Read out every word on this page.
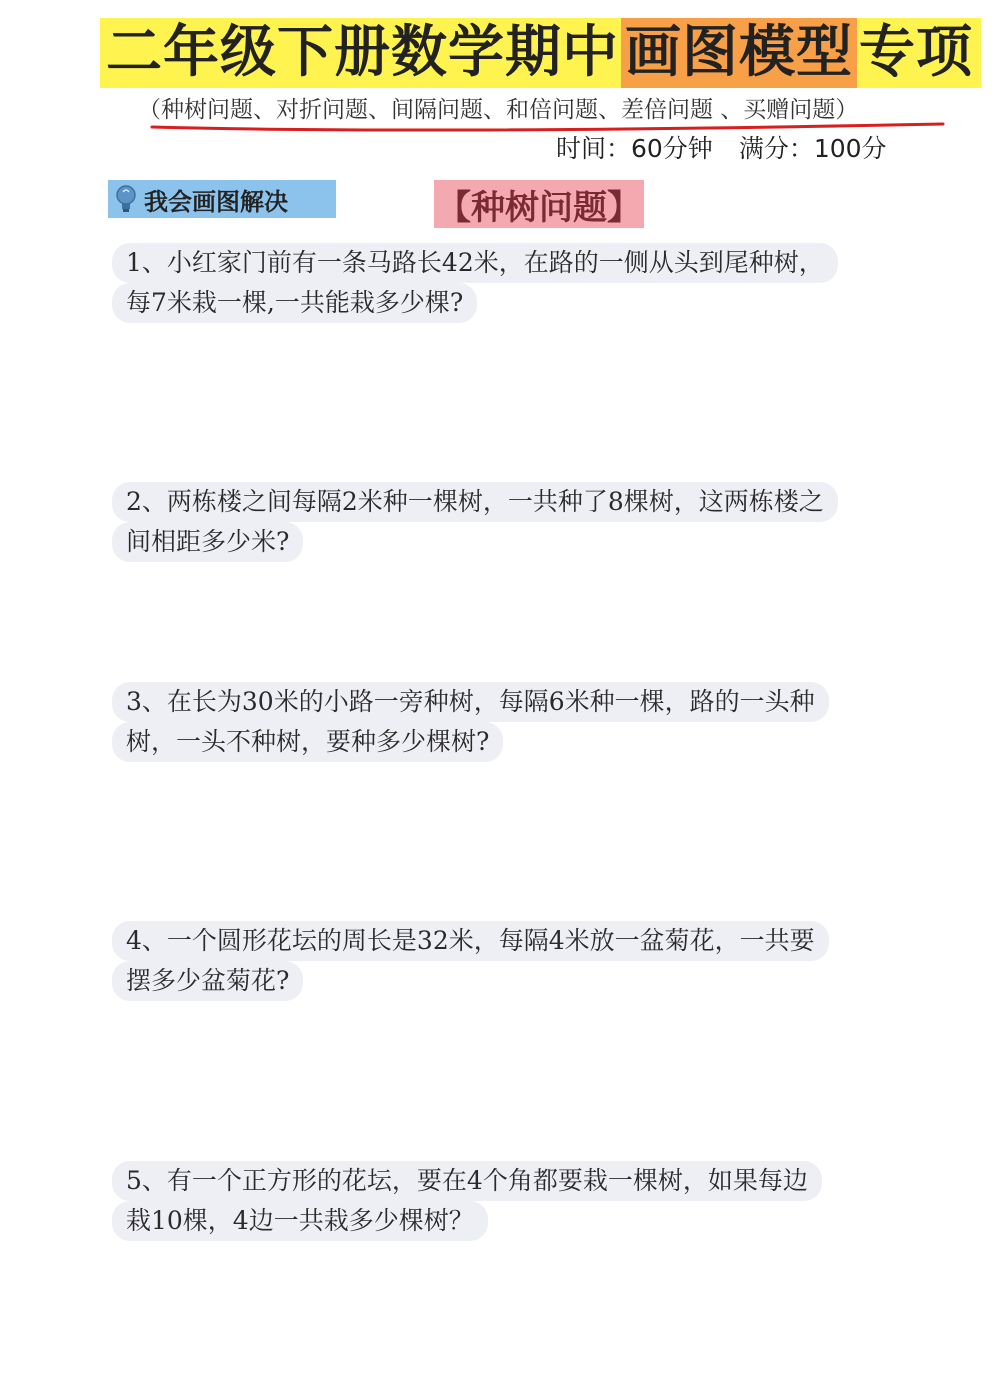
二年级下册数学期中 画图模型 专项
（种树问题、对折问题、间隔问题、和倍问题、差倍问题 、买赠问题）
时间：60分钟 满分：100分
我会画图解决	【种树问题】
1、小红家门前有一条马路长42米，在路的一侧从头到尾种树，
每7米栽一棵,一共能栽多少棵?
2、两栋楼之间每隔2米种一棵树，一共种了8棵树，这两栋楼之
间相距多少米?
3、在长为30米的小路一旁种树，每隔6米种一棵，路的一头种
树，一头不种树，要种多少棵树?
4、一个圆形花坛的周长是32米，每隔4米放一盆菊花，一共要
摆多少盆菊花?
5、有一个正方形的花坛，要在4个角都要栽一棵树，如果每边
栽10棵，4边一共栽多少棵树？
